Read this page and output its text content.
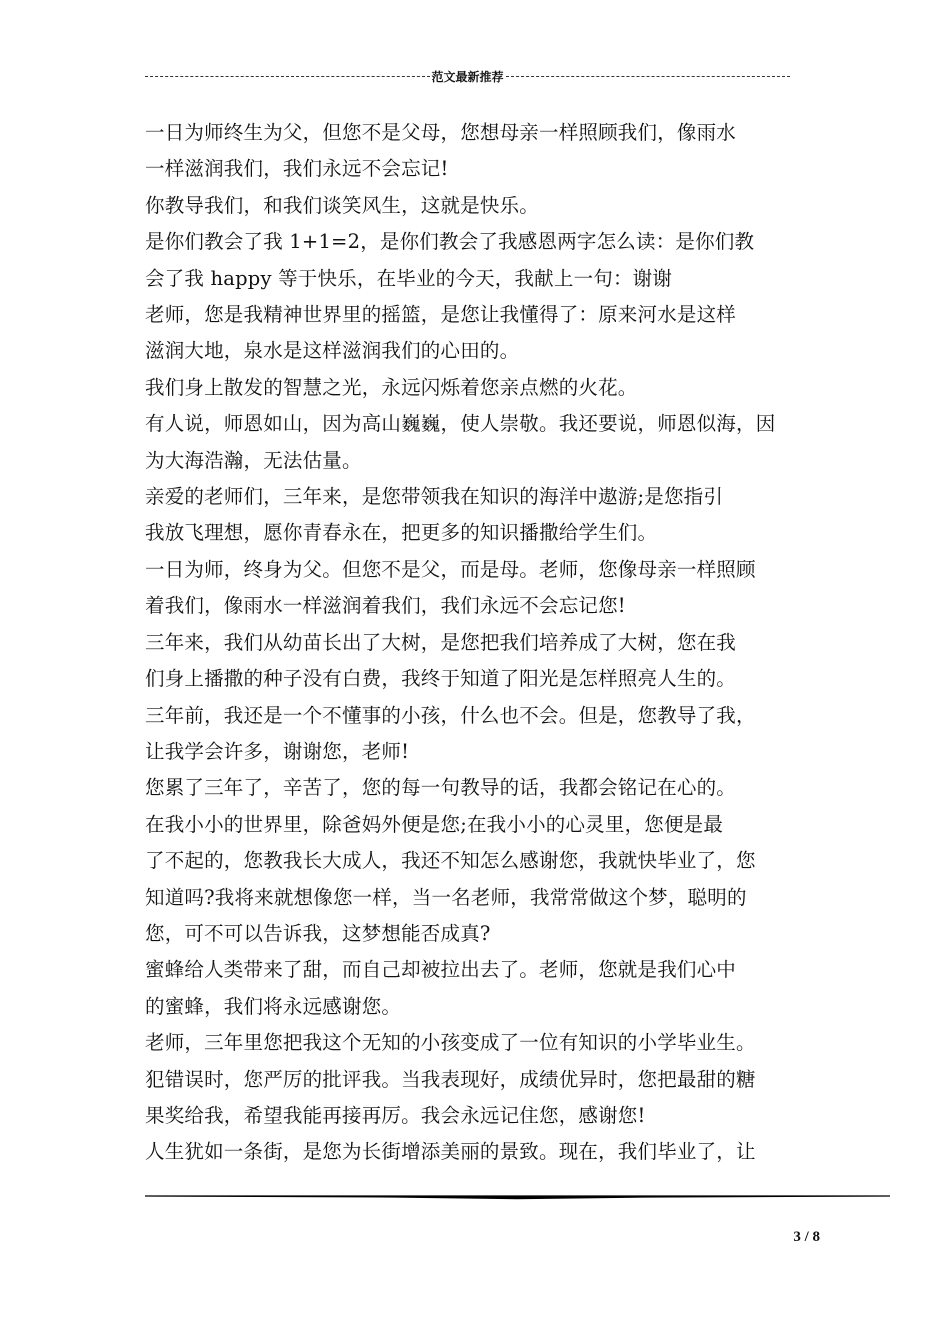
范文最新推荐
一日为师终生为父，但您不是父母，您想母亲一样照顾我们，像雨水
一样滋润我们，我们永远不会忘记!
你教导我们，和我们谈笑风生，这就是快乐。
是你们教会了我 1+1=2，是你们教会了我感恩两字怎么读：是你们教
会了我 happy 等于快乐，在毕业的今天，我献上一句：谢谢
老师，您是我精神世界里的摇篮，是您让我懂得了：原来河水是这样
滋润大地，泉水是这样滋润我们的心田的。
我们身上散发的智慧之光，永远闪烁着您亲点燃的火花。
有人说，师恩如山，因为高山巍巍，使人崇敬。我还要说，师恩似海，因
为大海浩瀚，无法估量。
亲爱的老师们，三年来，是您带领我在知识的海洋中遨游;是您指引
我放飞理想，愿你青春永在，把更多的知识播撒给学生们。
一日为师，终身为父。但您不是父，而是母。老师，您像母亲一样照顾
着我们，像雨水一样滋润着我们，我们永远不会忘记您!
三年来，我们从幼苗长出了大树，是您把我们培养成了大树，您在我
们身上播撒的种子没有白费，我终于知道了阳光是怎样照亮人生的。
三年前，我还是一个不懂事的小孩，什么也不会。但是，您教导了我，
让我学会许多，谢谢您，老师!
您累了三年了，辛苦了，您的每一句教导的话，我都会铭记在心的。
在我小小的世界里，除爸妈外便是您;在我小小的心灵里，您便是最
了不起的，您教我长大成人，我还不知怎么感谢您，我就快毕业了，您
知道吗?我将来就想像您一样，当一名老师，我常常做这个梦，聪明的
您，可不可以告诉我，这梦想能否成真?
蜜蜂给人类带来了甜，而自己却被拉出去了。老师，您就是我们心中
的蜜蜂，我们将永远感谢您。
老师，三年里您把我这个无知的小孩变成了一位有知识的小学毕业生。
犯错误时，您严厉的批评我。当我表现好，成绩优异时，您把最甜的糖
果奖给我，希望我能再接再厉。我会永远记住您，感谢您!
人生犹如一条街，是您为长街增添美丽的景致。现在，我们毕业了，让
3 / 8
